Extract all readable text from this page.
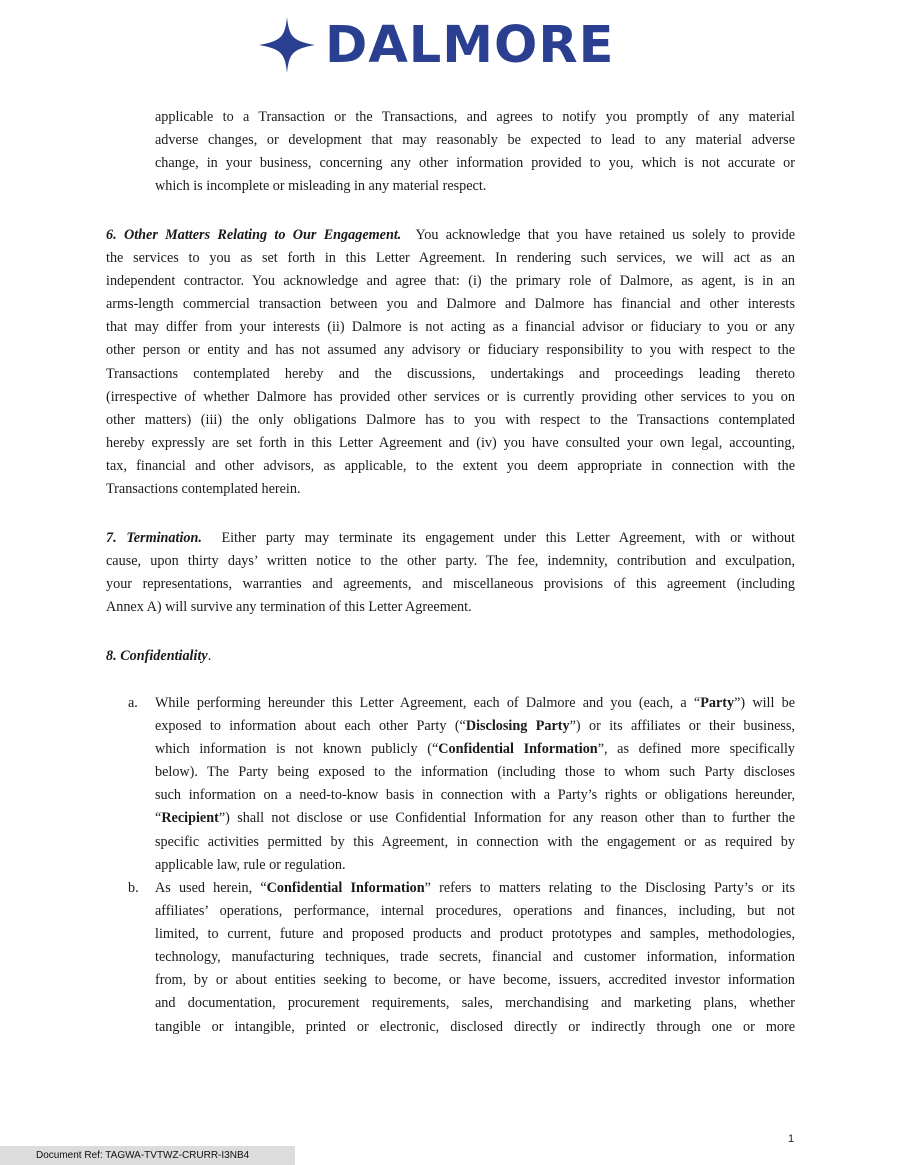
DALMORE
applicable to a Transaction or the Transactions, and agrees to notify you promptly of any material
adverse changes, or development that may reasonably be expected to lead to any material adverse
change, in your business, concerning any other information provided to you, which is not accurate or
which is incomplete or misleading in any material respect.
6. Other Matters Relating to Our Engagement.  You acknowledge that you have retained us solely to provide
the services to you as set forth in this Letter Agreement. In rendering such services, we will act as an
independent contractor. You acknowledge and agree that: (i) the primary role of Dalmore, as agent, is in an
arms-length commercial transaction between you and Dalmore and Dalmore has financial and other interests
that may differ from your interests (ii) Dalmore is not acting as a financial advisor or fiduciary to you or any
other person or entity and has not assumed any advisory or fiduciary responsibility to you with respect to the
Transactions contemplated hereby and the discussions, undertakings and proceedings leading thereto
(irrespective of whether Dalmore has provided other services or is currently providing other services to you on
other matters) (iii) the only obligations Dalmore has to you with respect to the Transactions contemplated
hereby expressly are set forth in this Letter Agreement and (iv) you have consulted your own legal, accounting,
tax, financial and other advisors, as applicable, to the extent you deem appropriate in connection with the
Transactions contemplated herein.
7. Termination.  Either party may terminate its engagement under this Letter Agreement, with or without
cause, upon thirty days’ written notice to the other party. The fee, indemnity, contribution and exculpation,
your representations, warranties and agreements, and miscellaneous provisions of this agreement (including
Annex A) will survive any termination of this Letter Agreement.
8. Confidentiality.
a. While performing hereunder this Letter Agreement, each of Dalmore and you (each, a “Party”) will be
exposed to information about each other Party (“Disclosing Party”) or its affiliates or their business,
which information is not known publicly (“Confidential Information”, as defined more specifically
below). The Party being exposed to the information (including those to whom such Party discloses
such information on a need-to-know basis in connection with a Party’s rights or obligations hereunder,
“Recipient”) shall not disclose or use Confidential Information for any reason other than to further the
specific activities permitted by this Agreement, in connection with the engagement or as required by
applicable law, rule or regulation.
b. As used herein, “Confidential Information” refers to matters relating to the Disclosing Party’s or its
affiliates’ operations, performance, internal procedures, operations and finances, including, but not
limited, to current, future and proposed products and product prototypes and samples, methodologies,
technology, manufacturing techniques, trade secrets, financial and customer information, information
from, by or about entities seeking to become, or have become, issuers, accredited investor information
and documentation, procurement requirements, sales, merchandising and marketing plans, whether
tangible or intangible, printed or electronic, disclosed directly or indirectly through one or more
1
Document Ref: TAGWA-TVTWZ-CRURR-I3NB4
